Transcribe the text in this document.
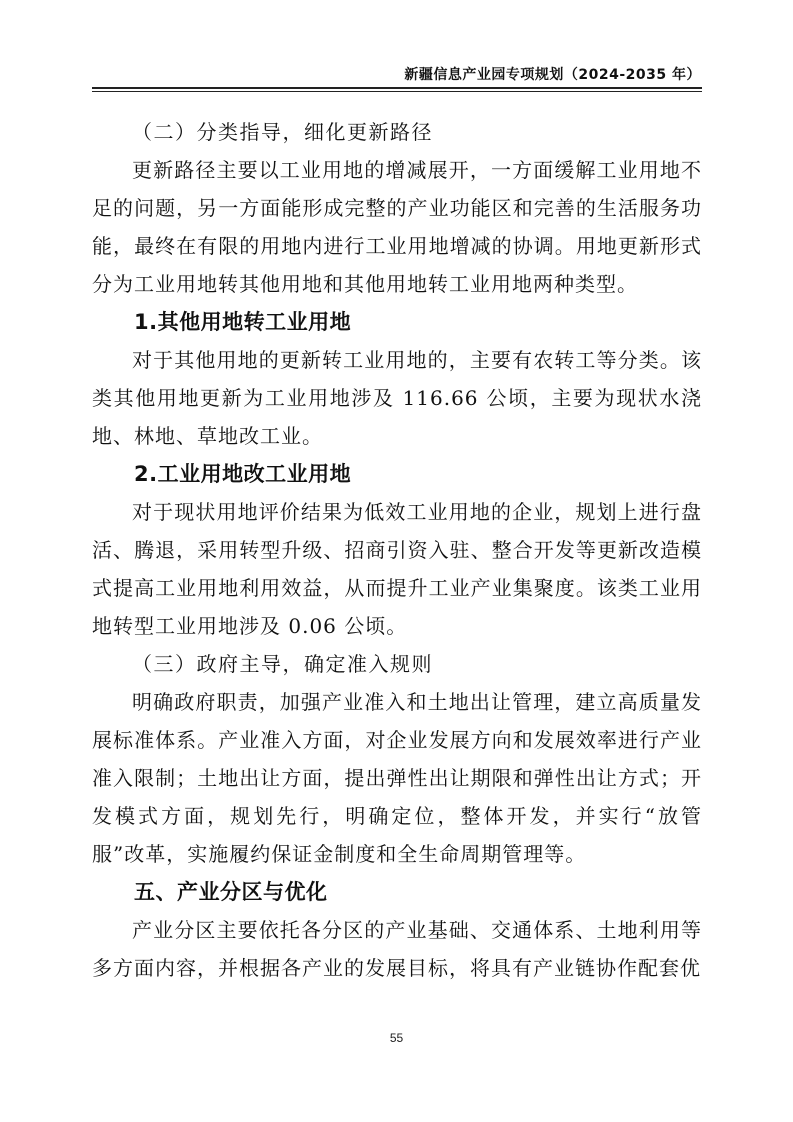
新疆信息产业园专项规划（2024-2035 年）

（二）分类指导，细化更新路径

更新路径主要以工业用地的增减展开，一方面缓解工业用地不足的问题，另一方面能形成完整的产业功能区和完善的生活服务功能，最终在有限的用地内进行工业用地增减的协调。用地更新形式分为工业用地转其他用地和其他用地转工业用地两种类型。

1.其他用地转工业用地

对于其他用地的更新转工业用地的，主要有农转工等分类。该类其他用地更新为工业用地涉及 116.66 公顷，主要为现状水浇地、林地、草地改工业。

2.工业用地改工业用地

对于现状用地评价结果为低效工业用地的企业，规划上进行盘活、腾退，采用转型升级、招商引资入驻、整合开发等更新改造模式提高工业用地利用效益，从而提升工业产业集聚度。该类工业用地转型工业用地涉及 0.06 公顷。

（三）政府主导，确定准入规则

明确政府职责，加强产业准入和土地出让管理，建立高质量发展标准体系。产业准入方面，对企业发展方向和发展效率进行产业准入限制；土地出让方面，提出弹性出让期限和弹性出让方式；开发模式方面，规划先行，明确定位，整体开发，并实行“放管服”改革，实施履约保证金制度和全生命周期管理等。

五、产业分区与优化

产业分区主要依托各分区的产业基础、交通体系、土地利用等多方面内容，并根据各产业的发展目标，将具有产业链协作配套优

55
